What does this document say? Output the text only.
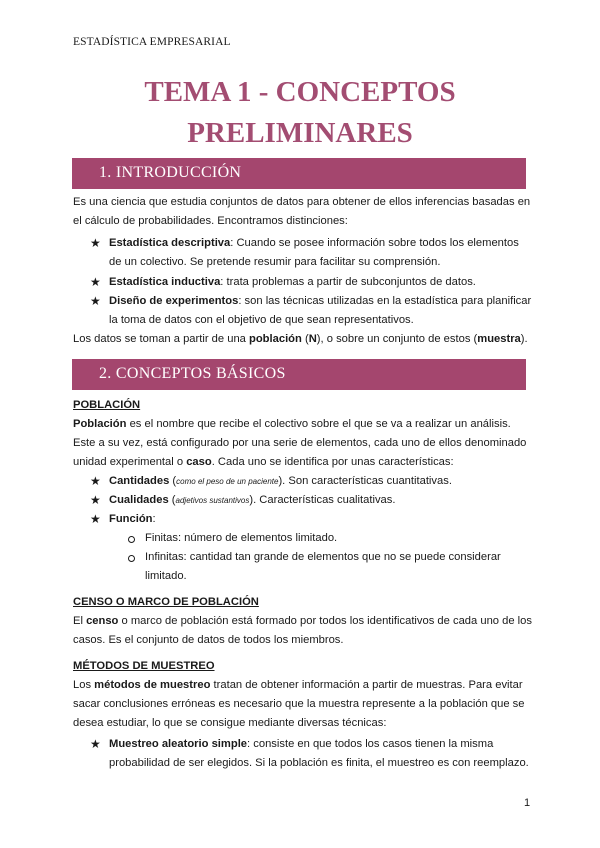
ESTADÍSTICA EMPRESARIAL
TEMA 1 - CONCEPTOS
PRELIMINARES
1. INTRODUCCIÓN
Es una ciencia que estudia conjuntos de datos para obtener de ellos inferencias basadas en
el cálculo de probabilidades. Encontramos distinciones:
★ Estadística descriptiva: Cuando se posee información sobre todos los elementos
de un colectivo. Se pretende resumir para facilitar su comprensión.
★ Estadística inductiva: trata problemas a partir de subconjuntos de datos.
★ Diseño de experimentos: son las técnicas utilizadas en la estadística para planificar
la toma de datos con el objetivo de que sean representativos.
Los datos se toman a partir de una población (N), o sobre un conjunto de estos (muestra).
2. CONCEPTOS BÁSICOS
POBLACIÓN
Población es el nombre que recibe el colectivo sobre el que se va a realizar un análisis.
Este a su vez, está configurado por una serie de elementos, cada uno de ellos denominado
unidad experimental o caso. Cada uno se identifica por unas características:
★ Cantidades (como el peso de un paciente). Son características cuantitativas.
★ Cualidades (adjetivos sustantivos). Características cualitativas.
★ Función:
Finitas: número de elementos limitado.
Infinitas: cantidad tan grande de elementos que no se puede considerar
limitado.
CENSO O MARCO DE POBLACIÓN
El censo o marco de población está formado por todos los identificativos de cada uno de los
casos. Es el conjunto de datos de todos los miembros.
MÉTODOS DE MUESTREO
Los métodos de muestreo tratan de obtener información a partir de muestras. Para evitar
sacar conclusiones erróneas es necesario que la muestra represente a la población que se
desea estudiar, lo que se consigue mediante diversas técnicas:
★ Muestreo aleatorio simple: consiste en que todos los casos tienen la misma
probabilidad de ser elegidos. Si la población es finita, el muestreo es con reemplazo.
1
